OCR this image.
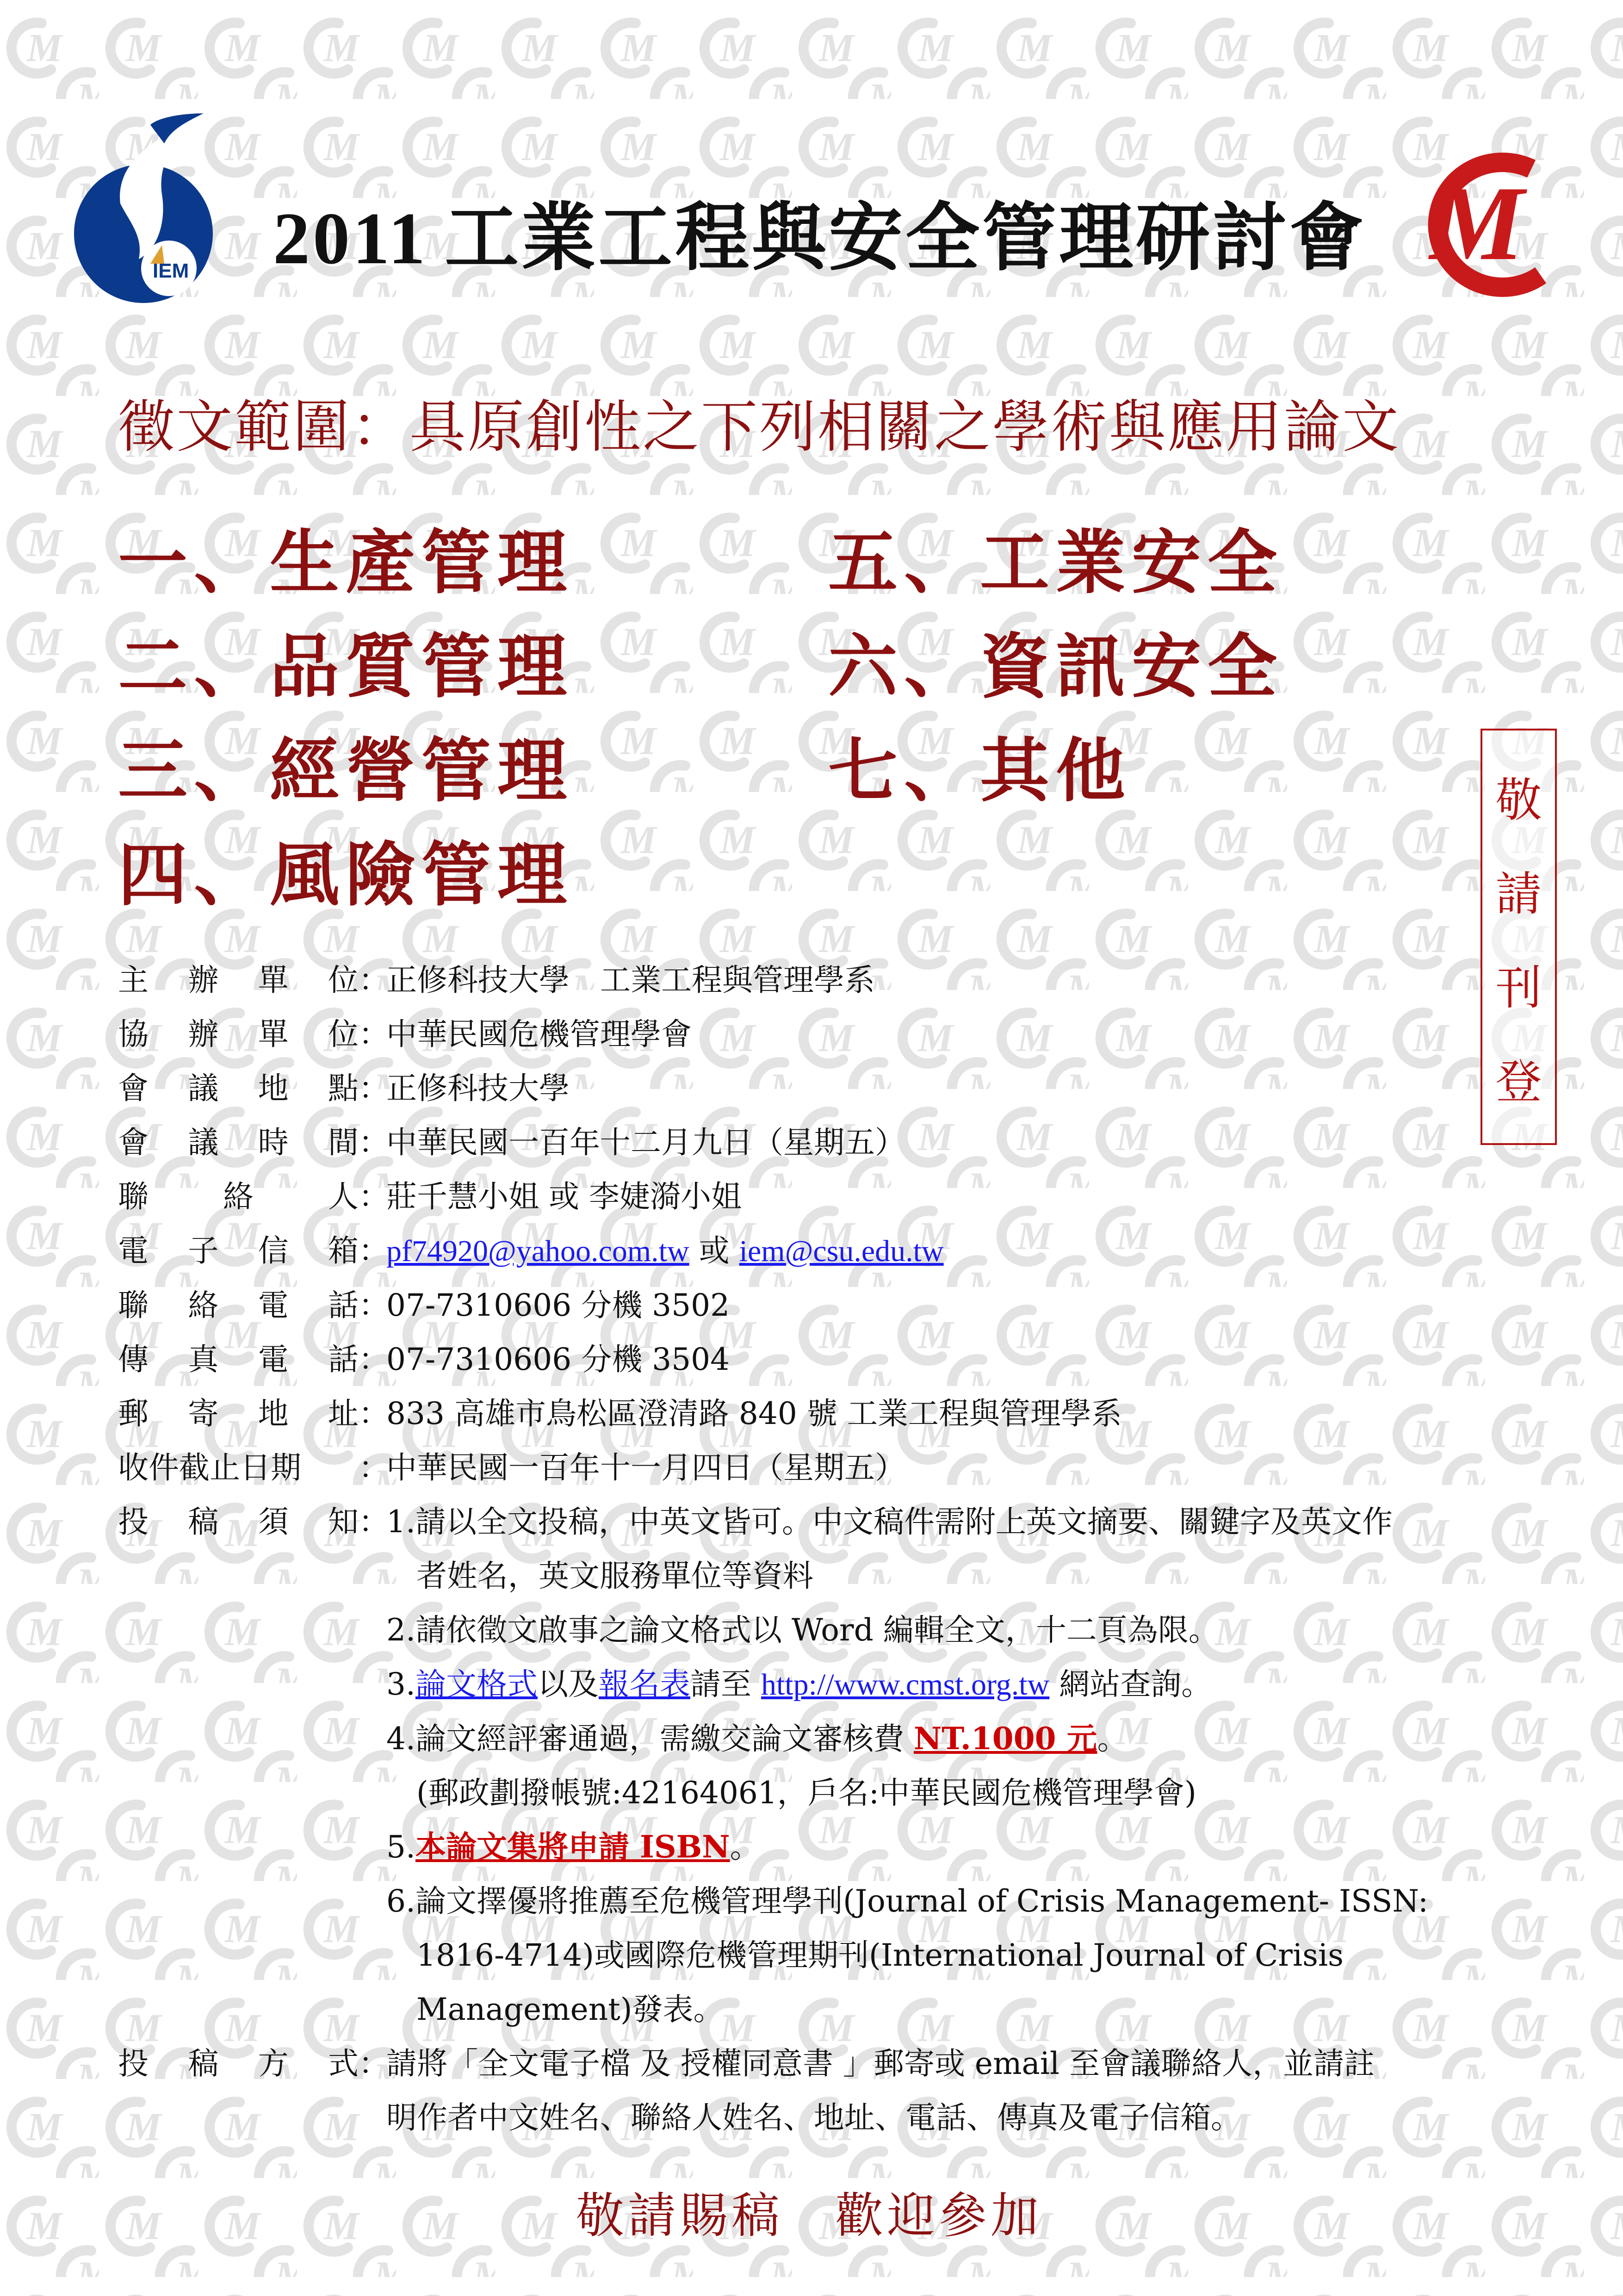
IEM 2011 工業工程與安全管理研討會 M
徵文範圍：具原創性之下列相關之學術與應用論文
一、生產管理
二、品質管理
三、經營管理
四、風險管理
五、工業安全
六、資訊安全
七、其他	敬
請
刊
登
主 辦 單 位 ：
正修科技大學　工業工程與管理學系
協 辦 單 位 ：
中華民國危機管理學會
會 議 地 點 ：
正修科技大學
會 議 時 間 ：
中華民國一百年十二月九日（星期五）
聯 絡 人 ：
莊千慧小姐 或 李婕漪小姐
電 子 信 箱 ：
pf74920@yahoo.com.tw 或 iem@csu.edu.tw
聯 絡 電 話 ：
07-7310606 分機 3502
傳 真 電 話 ：
07-7310606 分機 3504
郵 寄 地 址 ：
833 高雄市鳥松區澄清路 840 號 工業工程與管理學系
收件截止日期 ：
中華民國一百年十一月四日（星期五）
投 稿 須 知 ：
1.請以全文投稿，中英文皆可。中文稿件需附上英文摘要、關鍵字及英文作
者姓名，英文服務單位等資料
2.請依徵文啟事之論文格式以 Word 編輯全文，十二頁為限。
3.論文格式以及報名表請至 http://www.cmst.org.tw 網站查詢。
4.論文經評審通過，需繳交論文審核費 NT.1000 元。
(郵政劃撥帳號:42164061，戶名:中華民國危機管理學會)
5.本論文集將申請 ISBN。
6.論文擇優將推薦至危機管理學刊(Journal of Crisis Management- ISSN:
1816-4714)或國際危機管理期刊(International Journal of Crisis
Management)發表。
投 稿 方 式 ：
請將「全文電子檔 及 授權同意書 」郵寄或 email 至會議聯絡人，並請註
明作者中文姓名、聯絡人姓名、地址、電話、傳真及電子信箱。
敬請賜稿　歡迎參加
